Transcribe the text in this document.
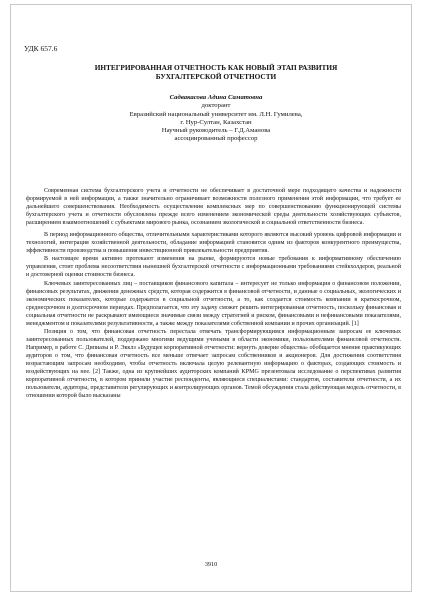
УДК 657.6
ИНТЕГРИРОВАННАЯ ОТЧЕТНОСТЬ КАК НОВЫЙ ЭТАП РАЗВИТИЯ
БУХГАЛТЕРСКОЙ ОТЧЕТНОСТИ
Садвакасова Адина Саматовна
докторант
Евразийский национальный университет им. Л.Н. Гумилева,
г. Нур-Султан, Казахстан
Научный руководитель – Г.Д.Аманова
ассоциированный профессор

Современная система бухгалтерского учета и отчетности не обеспечивает в достаточной мере подходящего качества и надежности формируемой в ней информации, а также значительно ограничивает возможности полезного применения этой информации, что требует ее дальнейшего совершенствования. Необходимость осуществления комплексных мер по совершенствованию функционирующей системы бухгалтерского учета и отчетности обусловлена прежде всего изменением экономической среды деятельности хозяйствующих субъектов, расширением взаимоотношений с субъектами мирового рынка, осознанием экологической и социальной ответственности бизнеса.

В период информационного общества, отличительными характеристиками которого являются высокий уровень цифровой информации и технологий, интеграция хозяйственной деятельности, обладание информацией становится одним из факторов конкурентного преимущества, эффективности производства и повышения инвестиционной привлекательности предприятия.

В настоящее время активно протекают изменения на рынке, формируются новые требования к информативному обеспечению управления, стоит проблема несоответствия нынешней бухгалтерской отчетности с информационными требованиями стейкхолдеров, реальной и достоверной оценки стоимости бизнеса.

Ключевых заинтересованных лиц – поставщиков финансового капитала – интересует не только информация о финансовом положении, финансовых результатах, движении денежных средств, которая содержится в финансовой отчетности, и данные о социальных, экологических и экономических показателях, которые содержатся в социальной отчетности, а то, как создается стоимость компании в краткосрочном, среднесрочном и долгосрочном периодах. Предполагается, что эту задачу сможет решить интегрированная отчетность, поскольку финансовая и социальная отчетности не раскрывают имеющиеся значимые связи между стратегией и риском, финансовыми и нефинансовыми показателями, менеджментом и показателями результативности, а также между показателями собственной компании и прочих организаций. [1]

Позиция о том, что финансовая отчетность перестала отвечать трансформирующимся информационным запросам ее ключевых заинтересованных пользователей, поддержано многими ведущими учеными в области экономики, пользователями финансовой отчетности. Например, в работе С. Дипиазы и Р. Экклз «Будущее корпоративной отчетности: вернуть доверие общества» обобщается мнение практикующих аудиторов о том, что финансовая отчетность все меньше отвечает запросам собственников и акционеров. Для достижения соответствия возрастающим запросам необходимо, чтобы отчетность включала целую релевантную информацию о факторах, создающих стоимость и воздействующих на нее. [2] Также, одна из крупнейших аудиторских компаний KPMG презентовала исследование о перспективах развития корпоративной отчетности, в котором приняли участие респонденты, являющиеся специалистами: стандартов, составители отчетности, а их пользователи, аудиторы, представители регулирующих и контролирующих органов. Темой обсуждения стала действующая модель отчетности, в отношении которой было высказаны

3910
